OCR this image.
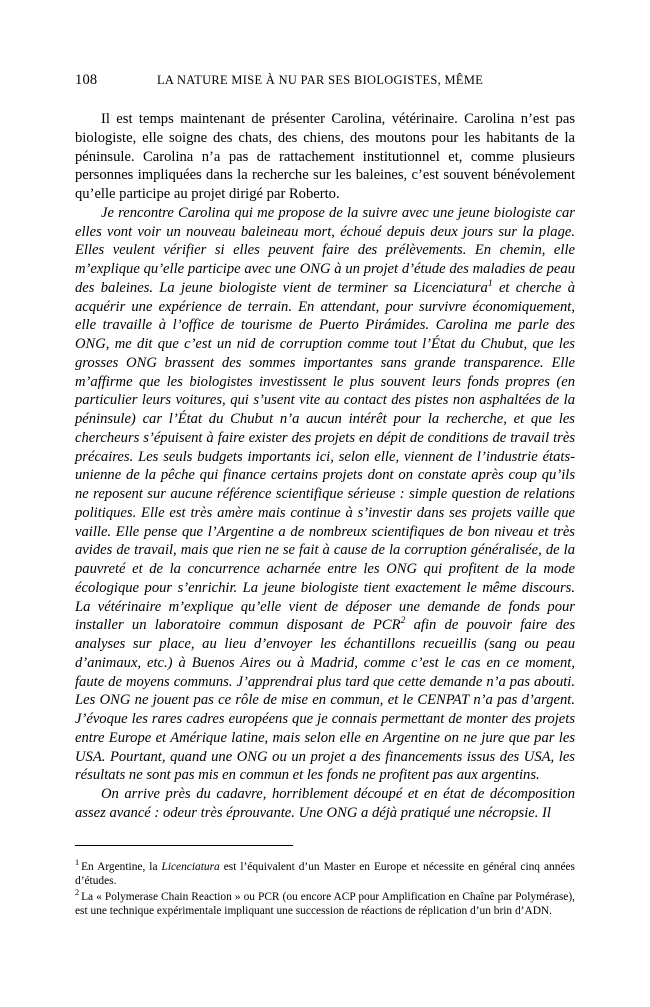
108	LA NATURE MISE À NU PAR SES BIOLOGISTES, MÊME

Il est temps maintenant de présenter Carolina, vétérinaire. Carolina n’est pas biologiste, elle soigne des chats, des chiens, des moutons pour les habitants de la péninsule. Carolina n’a pas de rattachement institutionnel et, comme plusieurs personnes impliquées dans la recherche sur les baleines, c’est souvent bénévolement qu’elle participe au projet dirigé par Roberto.

Je rencontre Carolina qui me propose de la suivre avec une jeune biologiste car elles vont voir un nouveau baleineau mort, échoué depuis deux jours sur la plage. Elles veulent vérifier si elles peuvent faire des prélèvements. En chemin, elle m’explique qu’elle participe avec une ONG à un projet d’étude des maladies de peau des baleines. La jeune biologiste vient de terminer sa Licenciatura$^1$ et cherche à acquérir une expérience de terrain. En attendant, pour survivre économiquement, elle travaille à l’office de tourisme de Puerto Pirámides. Carolina me parle des ONG, me dit que c’est un nid de corruption comme tout l’État du Chubut, que les grosses ONG brassent des sommes importantes sans grande transparence. Elle m’affirme que les biologistes investissent le plus souvent leurs fonds propres (en particulier leurs voitures, qui s’usent vite au contact des pistes non asphaltées de la péninsule) car l’État du Chubut n’a aucun intérêt pour la recherche, et que les chercheurs s’épuisent à faire exister des projets en dépit de conditions de travail très précaires. Les seuls budgets importants ici, selon elle, viennent de l’industrie états-unienne de la pêche qui finance certains projets dont on constate après coup qu’ils ne reposent sur aucune référence scientifique sérieuse : simple question de relations politiques. Elle est très amère mais continue à s’investir dans ses projets vaille que vaille. Elle pense que l’Argentine a de nombreux scientifiques de bon niveau et très avides de travail, mais que rien ne se fait à cause de la corruption généralisée, de la pauvreté et de la concurrence acharnée entre les ONG qui profitent de la mode écologique pour s’enrichir. La jeune biologiste tient exactement le même discours. La vétérinaire m’explique qu’elle vient de déposer une demande de fonds pour installer un laboratoire commun disposant de PCR$^2$ afin de pouvoir faire des analyses sur place, au lieu d’envoyer les échantillons recueillis (sang ou peau d’animaux, etc.) à Buenos Aires ou à Madrid, comme c’est le cas en ce moment, faute de moyens communs. J’apprendrai plus tard que cette demande n’a pas abouti. Les ONG ne jouent pas ce rôle de mise en commun, et le CENPAT n’a pas d’argent. J’évoque les rares cadres européens que je connais permettant de monter des projets entre Europe et Amérique latine, mais selon elle en Argentine on ne jure que par les USA. Pourtant, quand une ONG ou un projet a des financements issus des USA, les résultats ne sont pas mis en commun et les fonds ne profitent pas aux argentins.

On arrive près du cadavre, horriblement découpé et en état de décomposition assez avancé : odeur très éprouvante. Une ONG a déjà pratiqué une nécropsie. Il

$^1$ En Argentine, la Licenciatura est l’équivalent d’un Master en Europe et nécessite en général cinq années d’études.

$^2$ La « Polymerase Chain Reaction » ou PCR (ou encore ACP pour Amplification en Chaîne par Polymérase), est une technique expérimentale impliquant une succession de réactions de réplication d’un brin d’ADN.
